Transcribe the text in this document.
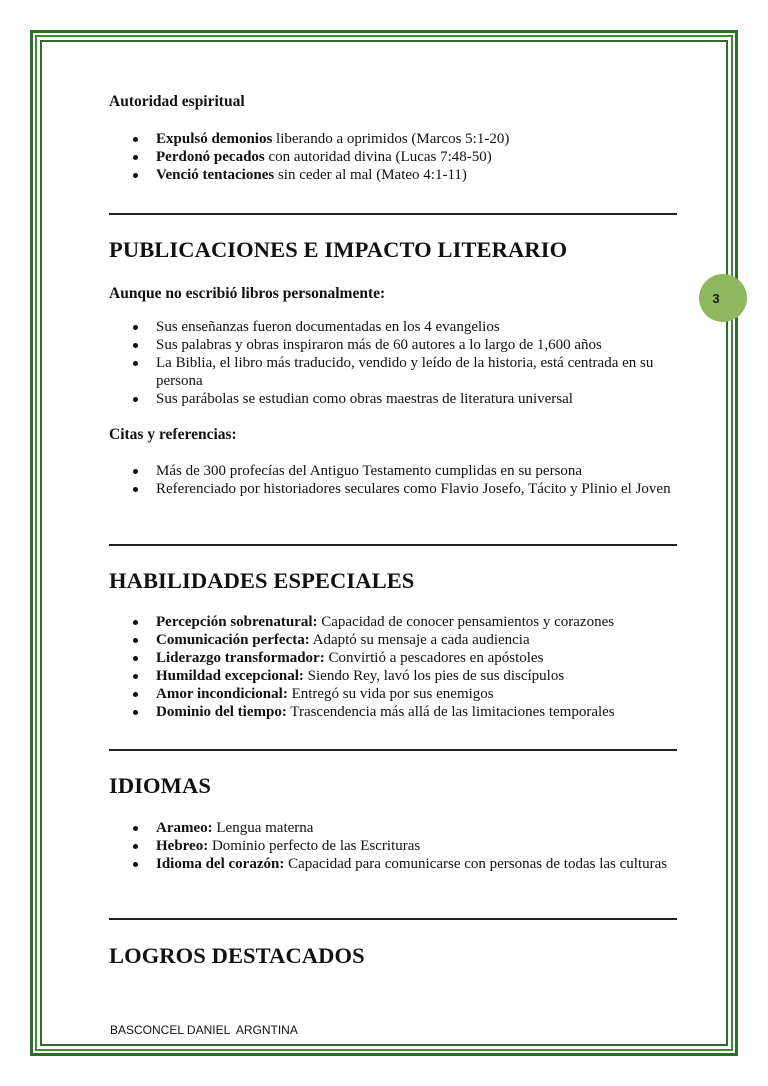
3
Autoridad espiritual
Expulsó demonios liberando a oprimidos (Marcos 5:1-20)
Perdonó pecados con autoridad divina (Lucas 7:48-50)
Venció tentaciones sin ceder al mal (Mateo 4:1-11)
PUBLICACIONES E IMPACTO LITERARIO
Aunque no escribió libros personalmente:
Sus enseñanzas fueron documentadas en los 4 evangelios
Sus palabras y obras inspiraron más de 60 autores a lo largo de 1,600 años
La Biblia, el libro más traducido, vendido y leído de la historia, está centrada en su persona
Sus parábolas se estudian como obras maestras de literatura universal
Citas y referencias:
Más de 300 profecías del Antiguo Testamento cumplidas en su persona
Referenciado por historiadores seculares como Flavio Josefo, Tácito y Plinio el Joven
HABILIDADES ESPECIALES
Percepción sobrenatural: Capacidad de conocer pensamientos y corazones
Comunicación perfecta: Adaptó su mensaje a cada audiencia
Liderazgo transformador: Convirtió a pescadores en apóstoles
Humildad excepcional: Siendo Rey, lavó los pies de sus discípulos
Amor incondicional: Entregó su vida por sus enemigos
Dominio del tiempo: Trascendencia más allá de las limitaciones temporales
IDIOMAS
Arameo: Lengua materna
Hebreo: Dominio perfecto de las Escrituras
Idioma del corazón: Capacidad para comunicarse con personas de todas las culturas
LOGROS DESTACADOS
BASCONCEL DANIEL  ARGNTINA
